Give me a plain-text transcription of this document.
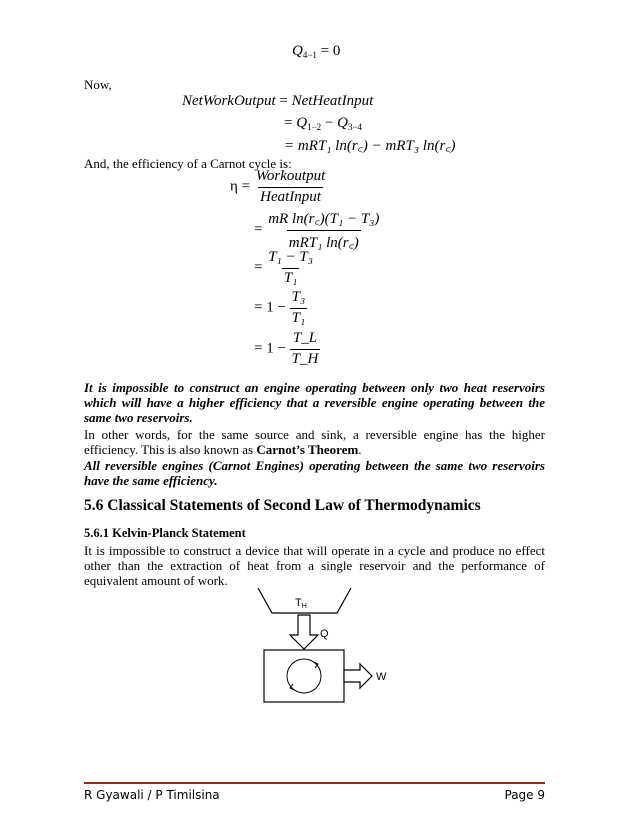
$Q_{4-1} = 0$
Now,
NetWorkOutput = NetHeatInput
= $Q_{1-2} - Q_{3-4}$
= mRT₁ ln(r꜀) − mRT₃ ln(r꜀)
And, the efficiency of a Carnot cycle is:
$\eta = \frac{\text{Workoutput}}{\text{HeatInput}}$
= $\frac{\text{mR ln(r꜀)(T₁ − T₃)}}{\text{mRT₁ ln(r꜀)}}$
= $\frac{\text{T₁ − T₃}}{\text{T₁}}$
= $1 - \frac{\text{T₃}}{\text{T₁}}$
= $1 - \frac{T\_L}{T\_H}$
It is impossible to construct an engine operating between only two heat reservoirs which will have a higher efficiency that a reversible engine operating between the same two reservoirs.
In other words, for the same source and sink, a reversible engine has the higher efficiency. This is also known as Carnot’s Theorem.
All reversible engines (Carnot Engines) operating between the same two reservoirs have the same efficiency.
5.6 Classical Statements of Second Law of Thermodynamics
5.6.1 Kelvin-Planck Statement
It is impossible to construct a device that will operate in a cycle and produce no effect other than the extraction of heat from a single reservoir and the performance of equivalent amount of work.
TH
Q
W
R Gyawali / P Timilsina	Page 9
